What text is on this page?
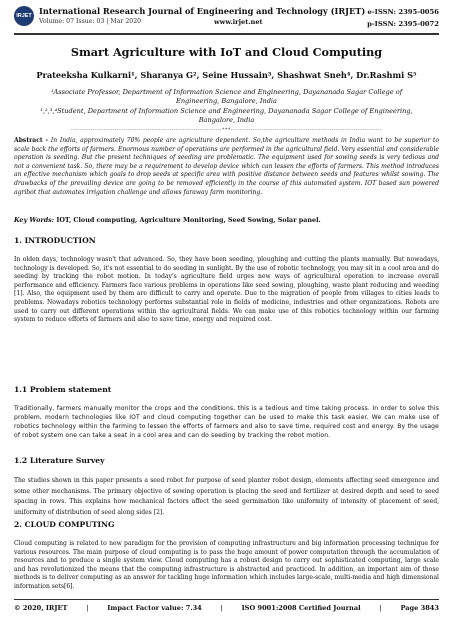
IRJET International Research Journal of Engineering and Technology (IRJET)
Volume: 07 Issue: 03 | Mar 2020	www.irjet.net
e-ISSN: 2395-0056
p-ISSN: 2395-0072
Smart Agriculture with IoT and Cloud Computing
Prateeksha Kulkarni¹, Sharanya G², Seine Hussain³, Shashwat Sneh⁴, Dr.Rashmi S⁵
¹Associate Professor, Department of Information Science and Engineering, Dayananada Sagar College of Engineering, Bangalore, India
¹,²,³,⁴Student, Department of Information Science and Engineering, Dayananada Sagar College of Engineering, Bangalore, India
---------------------------------------------------------------------***---------------------------------------------------------------------
Abstract - In India, approximately 70% people are agriculture dependent. So,the agriculture methods in India want to be superior to scale back the efforts of farmers. Enormous number of operations are performed in the agricultural field. Very essential and considerable operation is seeding. But the present techniques of seeding are problematic. The equipment used for sowing seeds is very tedious and not a convenient task. So, there may be a requirement to develop device which can lessen the efforts of farmers. This method introduces an effective mechanism which goals to drop seeds at specific area with positive distance between seeds and features whilst sowing. The drawbacks of the prevailing device are going to be removed efficiently in the course of this automated system. IOT based sun powered agribot that automates irrigation challenge and allows faraway farm monitoring.
Key Words: IOT, Cloud computing, Agriculture Monitoring, Seed Sowing, Solar panel.
1. INTRODUCTION

In olden days, technology wasn't that advanced. So, they have been seeding, ploughing and cutting the plants manually. But nowadays, technology is developed. So, it's not essential to do seeding in sunlight. By the use of robotic technology, you may sit in a cool area and do seeding by tracking the robot motion. In today's agriculture field urges new ways of agricultural operation to increase overall performance and efficiency. Farmers face various problems in operations like seed sowing, ploughing, waste plant reducing and weeding [1]. Also, the equipment used by them are difficult to carry and operate. Due to the migration of people from villages to cities leads to problems. Nowadays robotics technology performs substantial role in fields of medicine, industries and other organizations. Robots are used to carry out different operations within the agricultural fields. We can make use of this robotics technology within our farming system to reduce efforts of farmers and also to save time, energy and required cost.

1.1 Problem statement

Traditionally, farmers manually monitor the crops and the conditions, this is a tedious and time taking process. In order to solve this problem, modern technologies like IOT and cloud computing together can be used to make this task easier. We can make use of robotics technology within the farming to lessen the efforts of farmers and also to save time, required cost and energy. By the usage of robot system one can take a seat in a cool area and can do seeding by tracking the robot motion.

1.2 Literature Survey

The studies shown in this paper presents a seed robot for purpose of seed planter robot design, elements affecting seed emergence and some other mechanisms. The primary objective of sowing operation is placing the seed and fertilizer at desired depth and seed to seed spacing in rows. This explains how mechanical factors affect the seed germination like uniformity of intensity of placement of seed, uniformity of distribution of seed along sides [2].

2. CLOUD COMPUTING

Cloud computing is related to new paradigm for the provision of computing infrastructure and big information processing technique for various resources. The main purpose of cloud computing is to pass the huge amount of power computation through the accumulation of resources and to produce a single system view. Cloud computing has a robust design to carry out sophisticated computing, large scale and has revolutionized the means that the computing infrastructure is abstracted and practiced. In addition, an important aim of those methods is to deliver computing as an answer for tackling huge information which includes large-scale, multi-media and high dimensional information sets[6].

© 2020, IRJET	|	Impact Factor value: 7.34	|	ISO 9001:2008 Certified Journal	|	Page 3843
